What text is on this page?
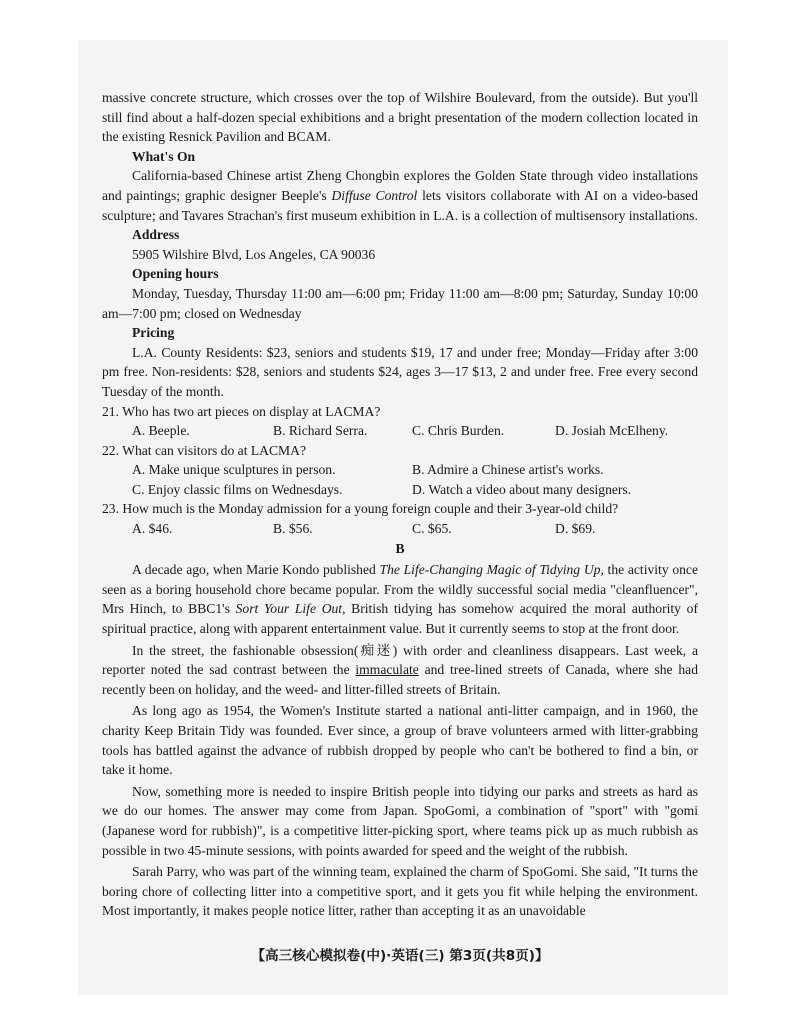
massive concrete structure, which crosses over the top of Wilshire Boulevard, from the outside). But you'll still find about a half-dozen special exhibitions and a bright presentation of the modern collection located in the existing Resnick Pavilion and BCAM.

What's On

California-based Chinese artist Zheng Chongbin explores the Golden State through video installations and paintings; graphic designer Beeple's Diffuse Control lets visitors collaborate with AI on a video-based sculpture; and Tavares Strachan's first museum exhibition in L.A. is a collection of multisensory installations.

Address

5905 Wilshire Blvd, Los Angeles, CA 90036

Opening hours

Monday, Tuesday, Thursday 11:00 am—6:00 pm; Friday 11:00 am—8:00 pm; Saturday, Sunday 10:00 am—7:00 pm; closed on Wednesday

Pricing

L.A. County Residents: $23, seniors and students $19, 17 and under free; Monday—Friday after 3:00 pm free. Non-residents: $28, seniors and students $24, ages 3—17 $13, 2 and under free. Free every second Tuesday of the month.

21. Who has two art pieces on display at LACMA?

A. Beeple.	B. Richard Serra.	C. Chris Burden.	D. Josiah McElheny.

22. What can visitors do at LACMA?

A. Make unique sculptures in person.	B. Admire a Chinese artist's works.
C. Enjoy classic films on Wednesdays.	D. Watch a video about many designers.

23. How much is the Monday admission for a young foreign couple and their 3-year-old child?

A. $46.	B. $56.	C. $65.	D. $69.

B

A decade ago, when Marie Kondo published The Life-Changing Magic of Tidying Up, the activity once seen as a boring household chore became popular. From the wildly successful social media "cleanfluencer", Mrs Hinch, to BBC1's Sort Your Life Out, British tidying has somehow acquired the moral authority of spiritual practice, along with apparent entertainment value. But it currently seems to stop at the front door.

In the street, the fashionable obsession(痴迷) with order and cleanliness disappears. Last week, a reporter noted the sad contrast between the immaculate and tree-lined streets of Canada, where she had recently been on holiday, and the weed- and litter-filled streets of Britain.

As long ago as 1954, the Women's Institute started a national anti-litter campaign, and in 1960, the charity Keep Britain Tidy was founded. Ever since, a group of brave volunteers armed with litter-grabbing tools has battled against the advance of rubbish dropped by people who can't be bothered to find a bin, or take it home.

Now, something more is needed to inspire British people into tidying our parks and streets as hard as we do our homes. The answer may come from Japan. SpoGomi, a combination of "sport" with "gomi (Japanese word for rubbish)", is a competitive litter-picking sport, where teams pick up as much rubbish as possible in two 45-minute sessions, with points awarded for speed and the weight of the rubbish.

Sarah Parry, who was part of the winning team, explained the charm of SpoGomi. She said, "It turns the boring chore of collecting litter into a competitive sport, and it gets you fit while helping the environment. Most importantly, it makes people notice litter, rather than accepting it as an unavoidable

【高三核心模拟卷(中)·英语(三) 第3页(共8页)】
